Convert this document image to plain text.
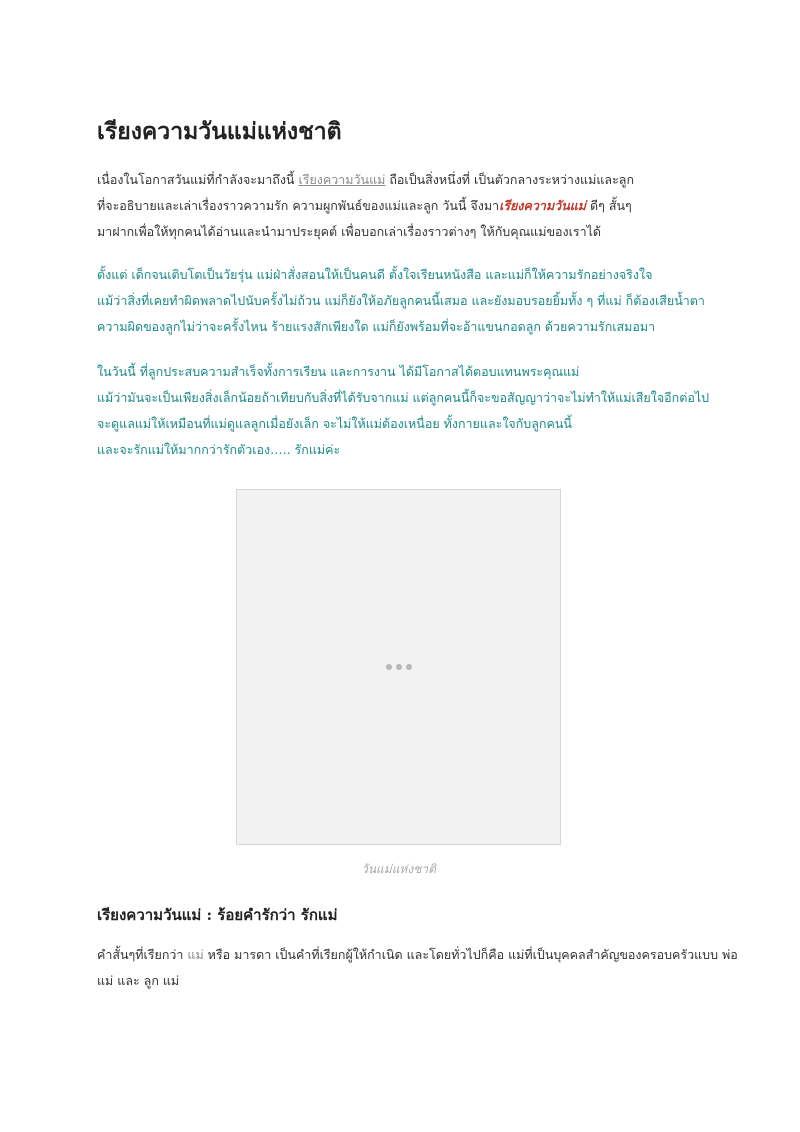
เรียงความวันแม่แห่งชาติ

เนื่องในโอกาสวันแม่ที่กำลังจะมาถึงนี้ เรียงความวันแม่ ถือเป็นสิ่งหนึ่งที่ เป็นตัวกลางระหว่างแม่และลูก
ที่จะอธิบายและเล่าเรื่องราวความรัก ความผูกพันธ์ของแม่และลูก วันนี้ จึงมาเรียงความวันแม่ ดีๆ สั้นๆ
มาฝากเพื่อให้ทุกคนได้อ่านและนำมาประยุคต์ เพื่อบอกเล่าเรื่องราวต่างๆ ให้กับคุณแม่ของเราได้

ตั้งแต่ เด็กจนเติบโตเป็นวัยรุ่น แม่ฝ่าสั่งสอนให้เป็นคนดี ตั้งใจเรียนหนังสือ และแม่ก็ให้ความรักอย่างจริงใจ
แม้ว่าสิ่งที่เคยทำผิดพลาดไปนับครั้งไม่ถ้วน แม่ก็ยังให้อภัยลูกคนนี้เสมอ และยังมอบรอยยิ้มทั้ง ๆ ที่แม่ ก็ต้องเสียน้ำตา
ความผิดของลูกไม่ว่าจะครั้งไหน ร้ายแรงสักเพียงใด แม่ก็ยังพร้อมที่จะอ้าแขนกอดลูก ด้วยความรักเสมอมา

ในวันนี้ ที่ลูกประสบความสำเร็จทั้งการเรียน และการงาน ได้มีโอกาสได้ตอบแทนพระคุณแม่
แม้ว่ามันจะเป็นเพียงสิ่งเล็กน้อยถ้าเทียบกับสิ่งที่ได้รับจากแม่ แต่ลูกคนนี้ก็จะขอสัญญาว่าจะไม่ทำให้แม่เสียใจอีกต่อไป
จะดูแลแม่ให้เหมือนที่แม่ดูแลลูกเมื่อยังเล็ก จะไม่ให้แม่ต้องเหนื่อย ทั้งกายและใจกับลูกคนนี้
และจะรักแม่ให้มากกว่ารักตัวเอง….. รักแม่ค่ะ

วันแม่แห่งชาติ

เรียงความวันแม่ : ร้อยคำรักว่า รักแม่

คำสั้นๆที่เรียกว่า แม่ หรือ มารดา เป็นคำที่เรียกผู้ให้กำเนิด และโดยทั่วไปก็คือ แม่ที่เป็นบุคคลสำคัญของครอบครัวแบบ พ่อ
แม่ และ ลูก แม่
